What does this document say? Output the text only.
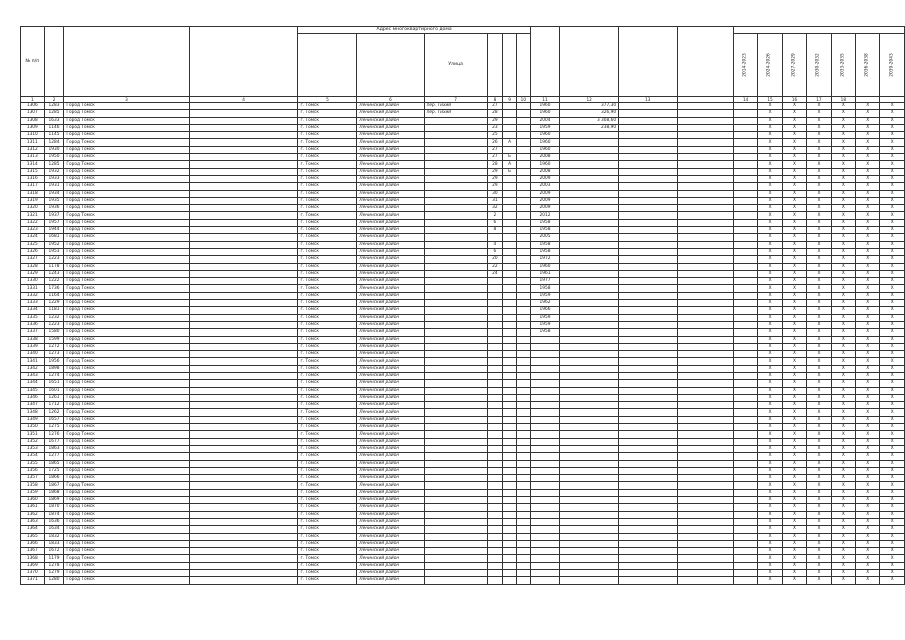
№ п/п				Адрес многоквартирного дома																
						Улица								2014-2023	2024-2026	2027-2029	2030-2032	2033-2035	2036-2038	2039-2043
1	2	3	4	5	6	7	8	9	10	11	12	13		14	15	16	17	18		
1306	1283	Город Томск		г. Томск	Ленинский район	пер. Тихий	27			1960	377,30				X	X	X	X	X	X
1307	1285	Город Томск		г. Томск	Ленинский район	пер. Тихий	28			1960	326,90				X	X	X	X	X	X
1308	1633	Город Томск		г. Томск	Ленинский район		29			2004	3 308,60				X	X	X	X	X	X
1309	1146	Город Томск		г. Томск	Ленинский район		23			1959	238,90				X	X	X	X	X	X
1310	1145	Город Томск		г. Томск	Ленинский район		25			1960					X	X	X	X	X	X
1311	1284	Город Томск		г. Томск	Ленинский район		26	А		1960					X	X	X	X	X	X
1312	1930	Город Томск		г. Томск	Ленинский район		27			1960					X	X	X	X	X	X
1313	1950	Город Томск		г. Томск	Ленинский район		27	Б		2008					X	X	X	X	X	X
1314	1285	Город Томск		г. Томск	Ленинский район		28	А		1960					X	X	X	X	X	X
1315	1932	Город Томск		г. Томск	Ленинский район		29	Б		2008					X	X	X	X	X	X
1316	1933	Город Томск		г. Томск	Ленинский район		29			2009					X	X	X	X	X	X
1317	1931	Город Томск		г. Томск	Ленинский район		29			2003					X	X	X	X	X	X
1318	1934	Город Томск		г. Томск	Ленинский район		30			2009					X	X	X	X	X	X
1319	1935	Город Томск		г. Томск	Ленинский район		31			2009					X	X	X	X	X	X
1320	1936	Город Томск		г. Томск	Ленинский район		32			2009					X	X	X	X	X	X
1321	1937	Город Томск		г. Томск	Ленинский район		2			2012					X	X	X	X	X	X
1322	1957	Город Томск		г. Томск	Ленинский район		6			1958					X	X	X	X	X	X
1323	1944	Город Томск		г. Томск	Ленинский район		8			1958					X	X	X	X	X	X
1324	1681	Город Томск		г. Томск	Ленинский район					2005					X	X	X	X	X	X
1325	1952	Город Томск		г. Томск	Ленинский район		4			1958					X	X	X	X	X	X
1326	1953	Город Томск		г. Томск	Ленинский район		6			1958					X	X	X	X	X	X
1327	1223	Город Томск		г. Томск	Ленинский район		20			1972					X	X	X	X	X	X
1328	1178	Город Томск		г. Томск	Ленинский район		22			1960					X	X	X	X	X	X
1329	1243	Город Томск		г. Томск	Ленинский район		24			1961					X	X	X	X	X	X
1330	1222	Город Томск		г. Томск	Ленинский район					1977					X	X	X	X	X	X
1331	1736	Город Томск		г. Томск	Ленинский район					1958					X	X	X	X	X	X
1332	1164	Город Томск		г. Томск	Ленинский район					1959					X	X	X	X	X	X
1333	1229	Город Томск		г. Томск	Ленинский район					1962					X	X	X	X	X	X
1334	1181	Город Томск		г. Томск	Ленинский район					1966					X	X	X	X	X	X
1335	1232	Город Томск		г. Томск	Ленинский район					1959					X	X	X	X	X	X
1336	1223	Город Томск		г. Томск	Ленинский район					1959					X	X	X	X	X	X
1337	1580	Город Томск		г. Томск	Ленинский район					1958					X	X	X	X	X	X
1338	1599	Город Томск		г. Томск	Ленинский район										X	X	X	X	X	X
1339	1272	Город Томск		г. Томск	Ленинский район										X	X	X	X	X	X
1340	1273	Город Томск		г. Томск	Ленинский район										X	X	X	X	X	X
1341	1956	Город Томск		г. Томск	Ленинский район										X	X	X	X	X	X
1342	1898	Город Томск		г. Томск	Ленинский район										X	X	X	X	X	X
1343	1274	Город Томск		г. Томск	Ленинский район										X	X	X	X	X	X
1344	1651	Город Томск		г. Томск	Ленинский район										X	X	X	X	X	X
1345	1601	Город Томск		г. Томск	Ленинский район										X	X	X	X	X	X
1346	1261	Город Томск		г. Томск	Ленинский район										X	X	X	X	X	X
1347	1712	Город Томск		г. Томск	Ленинский район										X	X	X	X	X	X
1348	1262	Город Томск		г. Томск	Ленинский район										X	X	X	X	X	X
1349	1657	Город Томск		г. Томск	Ленинский район										X	X	X	X	X	X
1350	1275	Город Томск		г. Томск	Ленинский район										X	X	X	X	X	X
1351	1276	Город Томск		г. Томск	Ленинский район										X	X	X	X	X	X
1352	1677	Город Томск		г. Томск	Ленинский район										X	X	X	X	X	X
1353	1863	Город Томск		г. Томск	Ленинский район										X	X	X	X	X	X
1354	1277	Город Томск		г. Томск	Ленинский район										X	X	X	X	X	X
1355	1865	Город Томск		г. Томск	Ленинский район										X	X	X	X	X	X
1356	1725	Город Томск		г. Томск	Ленинский район										X	X	X	X	X	X
1357	1866	Город Томск		г. Томск	Ленинский район										X	X	X	X	X	X
1358	1867	Город Томск		г. Томск	Ленинский район										X	X	X	X	X	X
1359	1868	Город Томск		г. Томск	Ленинский район										X	X	X	X	X	X
1360	1869	Город Томск		г. Томск	Ленинский район										X	X	X	X	X	X
1361	1870	Город Томск		г. Томск	Ленинский район										X	X	X	X	X	X
1362	1874	Город Томск		г. Томск	Ленинский район										X	X	X	X	X	X
1363	1636	Город Томск		г. Томск	Ленинский район										X	X	X	X	X	X
1364	1634	Город Томск		г. Томск	Ленинский район										X	X	X	X	X	X
1365	1832	Город Томск		г. Томск	Ленинский район										X	X	X	X	X	X
1366	1833	Город Томск		г. Томск	Ленинский район										X	X	X	X	X	X
1367	1672	Город Томск		г. Томск	Ленинский район										X	X	X	X	X	X
1368	1179	Город Томск		г. Томск	Ленинский район										X	X	X	X	X	X
1369	1278	Город Томск		г. Томск	Ленинский район										X	X	X	X	X	X
1370	1279	Город Томск		г. Томск	Ленинский район										X	X	X	X	X	X
1371	1280	Город Томск		г. Томск	Ленинский район										X	X	X	X	X	X
